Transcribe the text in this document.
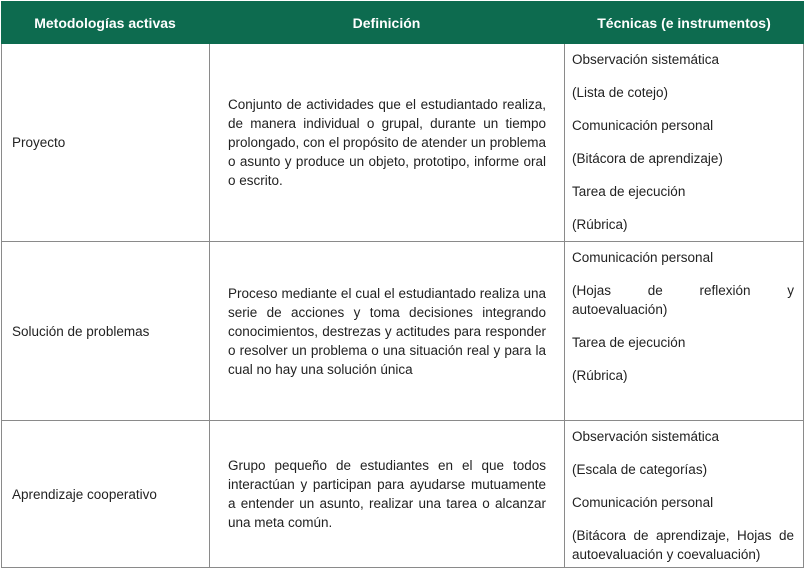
Metodologías activas	Definición	Técnicas (e instrumentos)
Proyecto
Conjunto de actividades que el estudiantado realiza, de manera individual o grupal, durante un tiempo prolongado, con el propósito de atender un problema o asunto y produce un objeto, prototipo, informe oral o escrito.

Observación sistemática

(Lista de cotejo)

Comunicación personal

(Bitácora de aprendizaje)

Tarea de ejecución

(Rúbrica)

Solución de problemas
Proceso mediante el cual el estudiantado realiza una serie de acciones y toma decisiones integrando conocimientos, destrezas y actitudes para responder o resolver un problema o una situación real y para la cual no hay una solución única

Comunicación personal

(Hojas de reflexión y autoevaluación)

Tarea de ejecución

(Rúbrica)

Aprendizaje cooperativo
Grupo pequeño de estudiantes en el que todos interactúan y participan para ayudarse mutuamente a entender un asunto, realizar una tarea o alcanzar una meta común.

Observación sistemática

(Escala de categorías)

Comunicación personal

(Bitácora de aprendizaje, Hojas de autoevaluación y coevaluación)
